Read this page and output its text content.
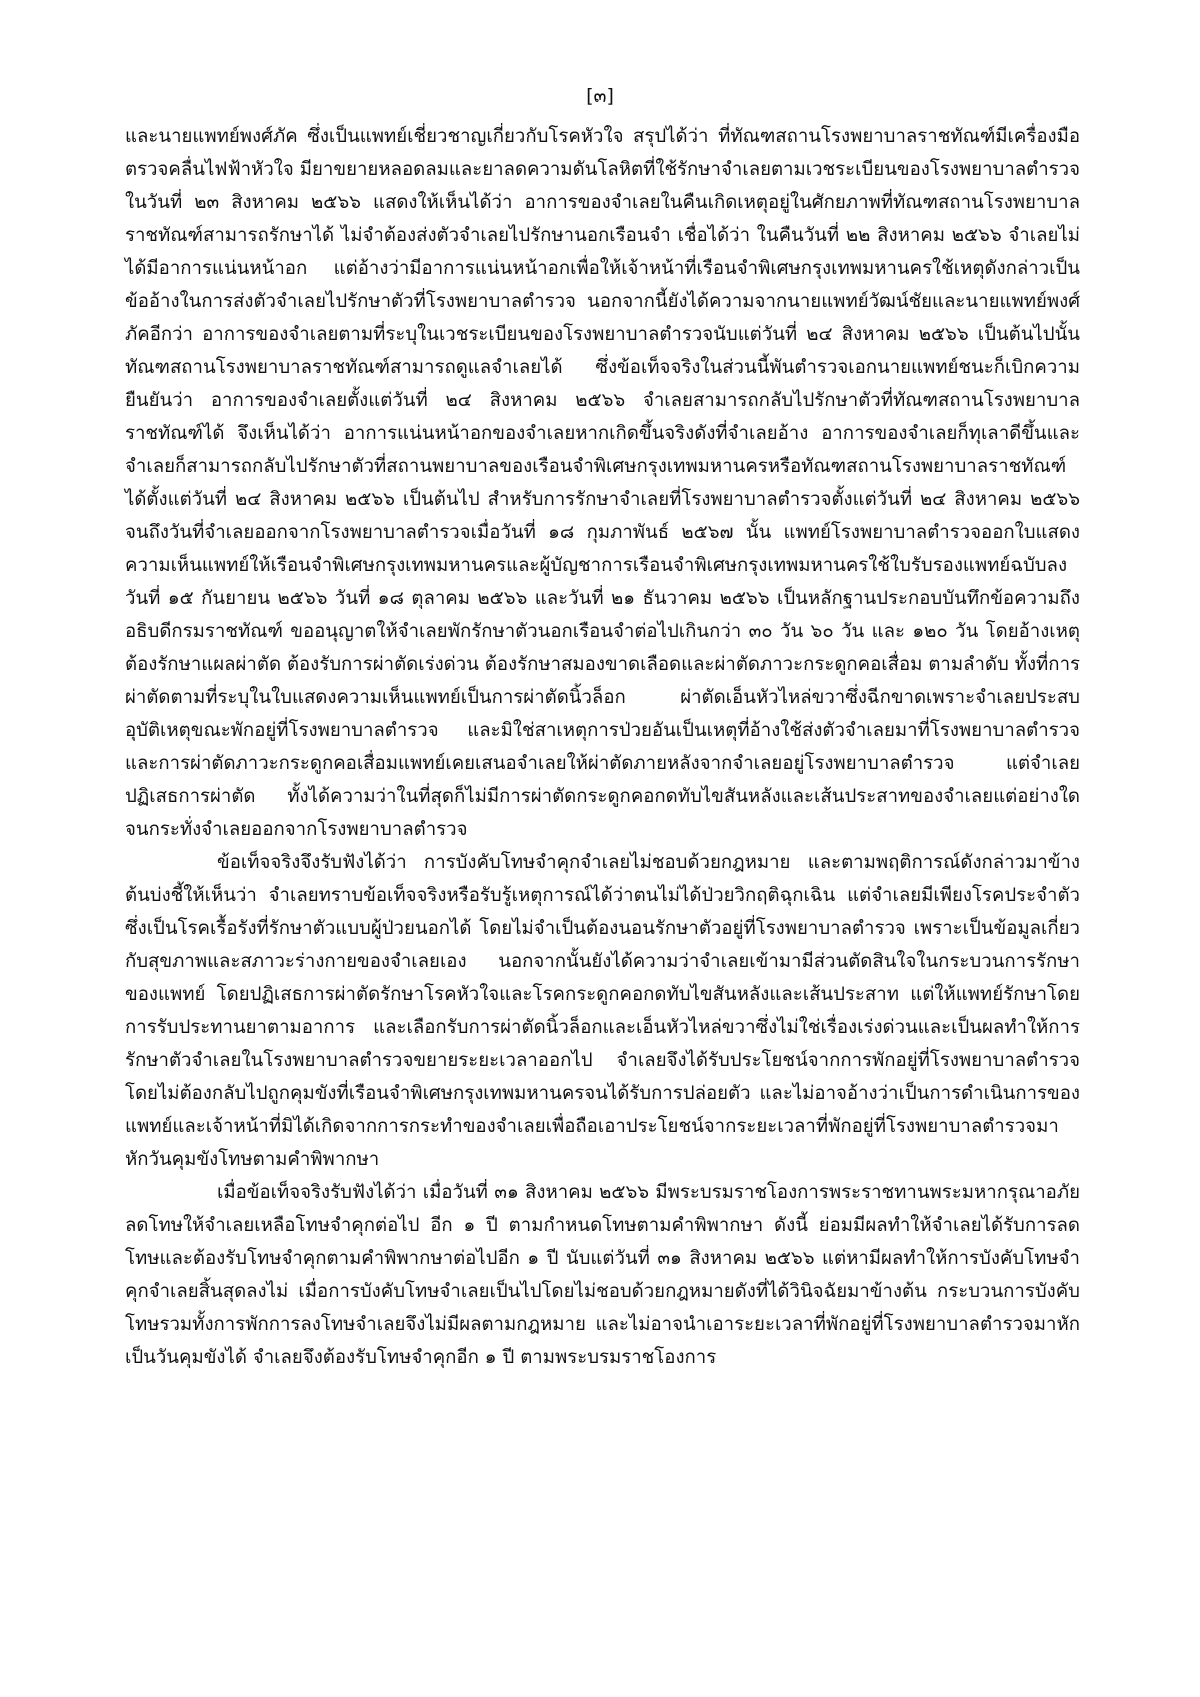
[๓]

และนายแพทย์พงศ์ภัค ซึ่งเป็นแพทย์เชี่ยวชาญเกี่ยวกับโรคหัวใจ สรุปได้ว่า ที่ทัณฑสถานโรงพยาบาลราชทัณฑ์มีเครื่องมือตรวจคลื่นไฟฟ้าหัวใจ มียาขยายหลอดลมและยาลดความดันโลหิตที่ใช้รักษาจำเลยตามเวชระเบียนของโรงพยาบาลตำรวจในวันที่ ๒๓ สิงหาคม ๒๕๖๖ แสดงให้เห็นได้ว่า อาการของจำเลยในคืนเกิดเหตุอยู่ในศักยภาพที่ทัณฑสถานโรงพยาบาลราชทัณฑ์สามารถรักษาได้ ไม่จำต้องส่งตัวจำเลยไปรักษานอกเรือนจำ เชื่อได้ว่า ในคืนวันที่ ๒๒ สิงหาคม ๒๕๖๖ จำเลยไม่ได้มีอาการแน่นหน้าอก แต่อ้างว่ามีอาการแน่นหน้าอกเพื่อให้เจ้าหน้าที่เรือนจำพิเศษกรุงเทพมหานครใช้เหตุดังกล่าวเป็นข้ออ้างในการส่งตัวจำเลยไปรักษาตัวที่โรงพยาบาลตำรวจ นอกจากนี้ยังได้ความจากนายแพทย์วัฒน์ชัยและนายแพทย์พงศ์ภัคอีกว่า อาการของจำเลยตามที่ระบุในเวชระเบียนของโรงพยาบาลตำรวจนับแต่วันที่ ๒๔ สิงหาคม ๒๕๖๖ เป็นต้นไปนั้น ทัณฑสถานโรงพยาบาลราชทัณฑ์สามารถดูแลจำเลยได้ ซึ่งข้อเท็จจริงในส่วนนี้พันตำรวจเอกนายแพทย์ชนะก็เบิกความยืนยันว่า อาการของจำเลยตั้งแต่วันที่ ๒๔ สิงหาคม ๒๕๖๖ จำเลยสามารถกลับไปรักษาตัวที่ทัณฑสถานโรงพยาบาลราชทัณฑ์ได้ จึงเห็นได้ว่า อาการแน่นหน้าอกของจำเลยหากเกิดขึ้นจริงดังที่จำเลยอ้าง อาการของจำเลยก็ทุเลาดีขึ้นและจำเลยก็สามารถกลับไปรักษาตัวที่สถานพยาบาลของเรือนจำพิเศษกรุงเทพมหานครหรือทัณฑสถานโรงพยาบาลราชทัณฑ์ได้ตั้งแต่วันที่ ๒๔ สิงหาคม ๒๕๖๖ เป็นต้นไป สำหรับการรักษาจำเลยที่โรงพยาบาลตำรวจตั้งแต่วันที่ ๒๔ สิงหาคม ๒๕๖๖ จนถึงวันที่จำเลยออกจากโรงพยาบาลตำรวจเมื่อวันที่ ๑๘ กุมภาพันธ์ ๒๕๖๗ นั้น แพทย์โรงพยาบาลตำรวจออกใบแสดงความเห็นแพทย์ให้เรือนจำพิเศษกรุงเทพมหานครและผู้บัญชาการเรือนจำพิเศษกรุงเทพมหานครใช้ใบรับรองแพทย์ฉบับลงวันที่ ๑๕ กันยายน ๒๕๖๖ วันที่ ๑๘ ตุลาคม ๒๕๖๖ และวันที่ ๒๑ ธันวาคม ๒๕๖๖ เป็นหลักฐานประกอบบันทึกข้อความถึงอธิบดีกรมราชทัณฑ์ ขออนุญาตให้จำเลยพักรักษาตัวนอกเรือนจำต่อไปเกินกว่า ๓๐ วัน ๖๐ วัน และ ๑๒๐ วัน โดยอ้างเหตุต้องรักษาแผลผ่าตัด ต้องรับการผ่าตัดเร่งด่วน ต้องรักษาสมองขาดเลือดและผ่าตัดภาวะกระดูกคอเสื่อม ตามลำดับ ทั้งที่การผ่าตัดตามที่ระบุในใบแสดงความเห็นแพทย์เป็นการผ่าตัดนิ้วล็อก ผ่าตัดเอ็นหัวไหล่ขวาซึ่งฉีกขาดเพราะจำเลยประสบอุบัติเหตุขณะพักอยู่ที่โรงพยาบาลตำรวจ และมิใช่สาเหตุการป่วยอันเป็นเหตุที่อ้างใช้ส่งตัวจำเลยมาที่โรงพยาบาลตำรวจ และการผ่าตัดภาวะกระดูกคอเสื่อมแพทย์เคยเสนอจำเลยให้ผ่าตัดภายหลังจากจำเลยอยู่โรงพยาบาลตำรวจ แต่จำเลยปฏิเสธการผ่าตัด ทั้งได้ความว่าในที่สุดก็ไม่มีการผ่าตัดกระดูกคอกดทับไขสันหลังและเส้นประสาทของจำเลยแต่อย่างใด จนกระทั่งจำเลยออกจากโรงพยาบาลตำรวจ

ข้อเท็จจริงจึงรับฟังได้ว่า การบังคับโทษจำคุกจำเลยไม่ชอบด้วยกฎหมาย และตามพฤติการณ์ดังกล่าวมาข้างต้นบ่งชี้ให้เห็นว่า จำเลยทราบข้อเท็จจริงหรือรับรู้เหตุการณ์ได้ว่าตนไม่ได้ป่วยวิกฤติฉุกเฉิน แต่จำเลยมีเพียงโรคประจำตัวซึ่งเป็นโรคเรื้อรังที่รักษาตัวแบบผู้ป่วยนอกได้ โดยไม่จำเป็นต้องนอนรักษาตัวอยู่ที่โรงพยาบาลตำรวจ เพราะเป็นข้อมูลเกี่ยวกับสุขภาพและสภาวะร่างกายของจำเลยเอง นอกจากนั้นยังได้ความว่าจำเลยเข้ามามีส่วนตัดสินใจในกระบวนการรักษาของแพทย์ โดยปฏิเสธการผ่าตัดรักษาโรคหัวใจและโรคกระดูกคอกดทับไขสันหลังและเส้นประสาท แต่ให้แพทย์รักษาโดยการรับประทานยาตามอาการ และเลือกรับการผ่าตัดนิ้วล็อกและเอ็นหัวไหล่ขวาซึ่งไม่ใช่เรื่องเร่งด่วนและเป็นผลทำให้การรักษาตัวจำเลยในโรงพยาบาลตำรวจขยายระยะเวลาออกไป จำเลยจึงได้รับประโยชน์จากการพักอยู่ที่โรงพยาบาลตำรวจโดยไม่ต้องกลับไปถูกคุมขังที่เรือนจำพิเศษกรุงเทพมหานครจนได้รับการปล่อยตัว และไม่อาจอ้างว่าเป็นการดำเนินการของแพทย์และเจ้าหน้าที่มิได้เกิดจากการกระทำของจำเลยเพื่อถือเอาประโยชน์จากระยะเวลาที่พักอยู่ที่โรงพยาบาลตำรวจมาหักวันคุมขังโทษตามคำพิพากษา

เมื่อข้อเท็จจริงรับฟังได้ว่า เมื่อวันที่ ๓๑ สิงหาคม ๒๕๖๖ มีพระบรมราชโองการพระราชทานพระมหากรุณาอภัยลดโทษให้จำเลยเหลือโทษจำคุกต่อไป อีก ๑ ปี ตามกำหนดโทษตามคำพิพากษา ดังนี้ ย่อมมีผลทำให้จำเลยได้รับการลดโทษและต้องรับโทษจำคุกตามคำพิพากษาต่อไปอีก ๑ ปี นับแต่วันที่ ๓๑ สิงหาคม ๒๕๖๖ แต่หามีผลทำให้การบังคับโทษจำคุกจำเลยสิ้นสุดลงไม่ เมื่อการบังคับโทษจำเลยเป็นไปโดยไม่ชอบด้วยกฎหมายดังที่ได้วินิจฉัยมาข้างต้น กระบวนการบังคับโทษรวมทั้งการพักการลงโทษจำเลยจึงไม่มีผลตามกฎหมาย และไม่อาจนำเอาระยะเวลาที่พักอยู่ที่โรงพยาบาลตำรวจมาหักเป็นวันคุมขังได้ จำเลยจึงต้องรับโทษจำคุกอีก ๑ ปี ตามพระบรมราชโองการ
